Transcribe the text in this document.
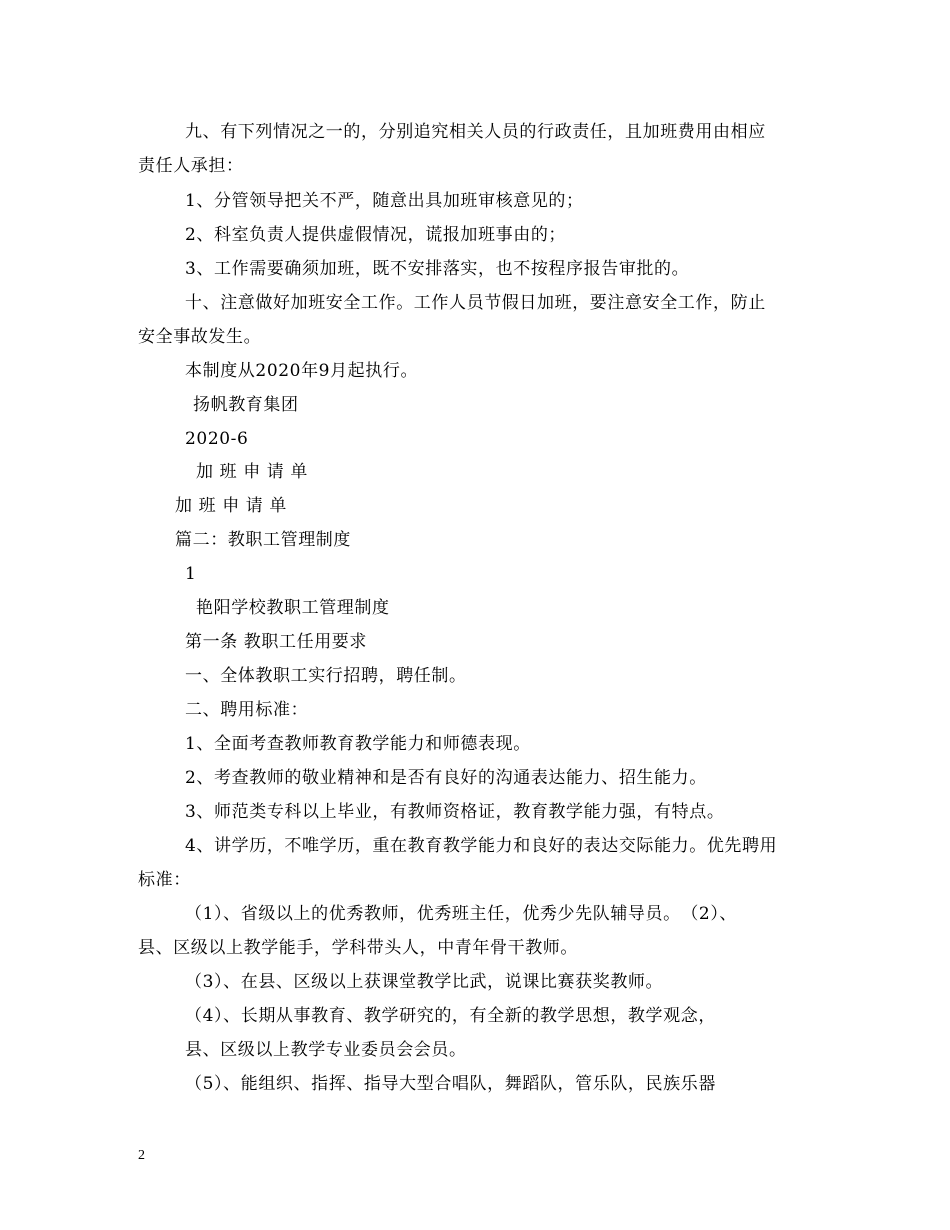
九、有下列情况之一的，分别追究相关人员的行政责任，且加班费用由相应
责任人承担：
1、分管领导把关不严，随意出具加班审核意见的；
2、科室负责人提供虚假情况，谎报加班事由的；
3、工作需要确须加班，既不安排落实，也不按程序报告审批的。
十、注意做好加班安全工作。工作人员节假日加班，要注意安全工作，防止
安全事故发生。
本制度从2020年9月起执行。
扬帆教育集团
2020-6
加 班 申 请 单
加 班 申 请 单
篇二：教职工管理制度
1
艳阳学校教职工管理制度
第一条 教职工任用要求
一、全体教职工实行招聘，聘任制。
二、聘用标准：
1、全面考查教师教育教学能力和师德表现。
2、考查教师的敬业精神和是否有良好的沟通表达能力、招生能力。
3、师范类专科以上毕业，有教师资格证，教育教学能力强，有特点。
4、讲学历，不唯学历，重在教育教学能力和良好的表达交际能力。优先聘用
标准：
（1）、省级以上的优秀教师，优秀班主任，优秀少先队辅导员。　（2）、
县、区级以上教学能手，学科带头人，中青年骨干教师。
（3）、在县、区级以上获课堂教学比武，说课比赛获奖教师。
（4）、长期从事教育、教学研究的，有全新的教学思想，教学观念，
县、区级以上教学专业委员会会员。
（5）、能组织、指挥、指导大型合唱队，舞蹈队，管乐队，民族乐器
2
